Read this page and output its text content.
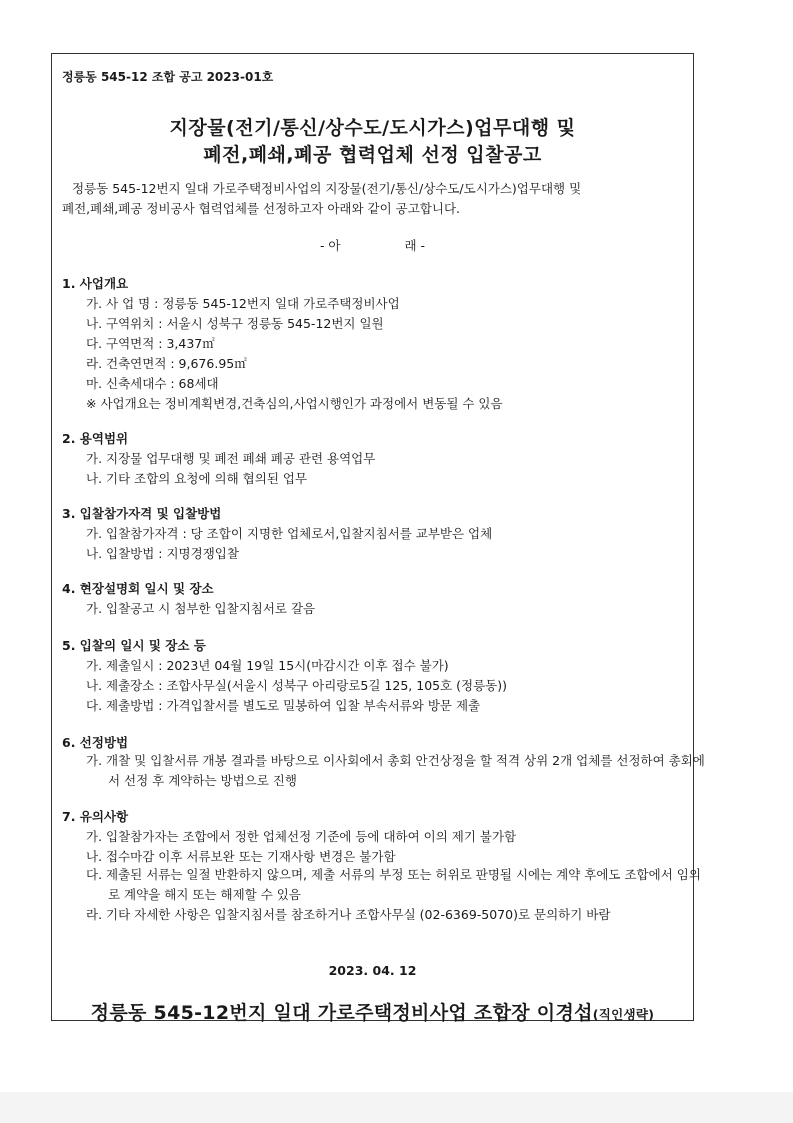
정릉동 545-12 조합 공고 2023-01호
지장물(전기/통신/상수도/도시가스)업무대행 및
폐전,폐쇄,폐공 협력업체 선정 입찰공고
정릉동 545-12번지 일대 가로주택정비사업의 지장물(전기/통신/상수도/도시가스)업무대행 및
폐전,폐쇄,폐공 정비공사 협력업체를 선정하고자 아래와 같이 공고합니다.
- 아	래 -
1. 사업개요
가. 사 업 명 : 정릉동 545-12번지 일대 가로주택정비사업
나. 구역위치 : 서울시 성북구 정릉동 545-12번지 일원
다. 구역면적 : 3,437㎡
라. 건축연면적 : 9,676.95㎡
마. 신축세대수 : 68세대
※ 사업개요는 정비계획변경,건축심의,사업시행인가 과정에서 변동될 수 있음
2. 용역범위
가. 지장물 업무대행 및 폐전 폐쇄 폐공 관련 용역업무
나. 기타 조합의 요청에 의해 협의된 업무
3. 입찰참가자격 및 입찰방법
가. 입찰참가자격 : 당 조합이 지명한 업체로서,입찰지침서를 교부받은 업체
나. 입찰방법 : 지명경쟁입찰
4. 현장설명회 일시 및 장소
가. 입찰공고 시 첨부한 입찰지침서로 갈음
5. 입찰의 일시 및 장소 등
가. 제출일시 : 2023년 04월 19일 15시(마감시간 이후 접수 불가)
나. 제출장소 : 조합사무실(서울시 성북구 아리랑로5길 125, 105호 (정릉동))
다. 제출방법 : 가격입찰서를 별도로 밀봉하여 입찰 부속서류와 방문 제출
6. 선정방법
가. 개찰 및 입찰서류 개봉 결과를 바탕으로 이사회에서 총회 안건상정을 할 적격 상위 2개 업체를 선정하여 총회에서 선정 후 계약하는 방법으로 진행
7. 유의사항
가. 입찰참가자는 조합에서 정한 업체선정 기준에 등에 대하여 이의 제기 불가함
나. 접수마감 이후 서류보완 또는 기재사항 변경은 불가함
다. 제출된 서류는 일절 반환하지 않으며, 제출 서류의 부정 또는 허위로 판명될 시에는 계약 후에도 조합에서 임의로 계약을 해지 또는 해제할 수 있음
라. 기타 자세한 사항은 입찰지침서를 참조하거나 조합사무실 (02-6369-5070)로 문의하기 바람
2023. 04. 12
정릉동 545-12번지 일대 가로주택정비사업 조합장 이경섭(직인생략)
